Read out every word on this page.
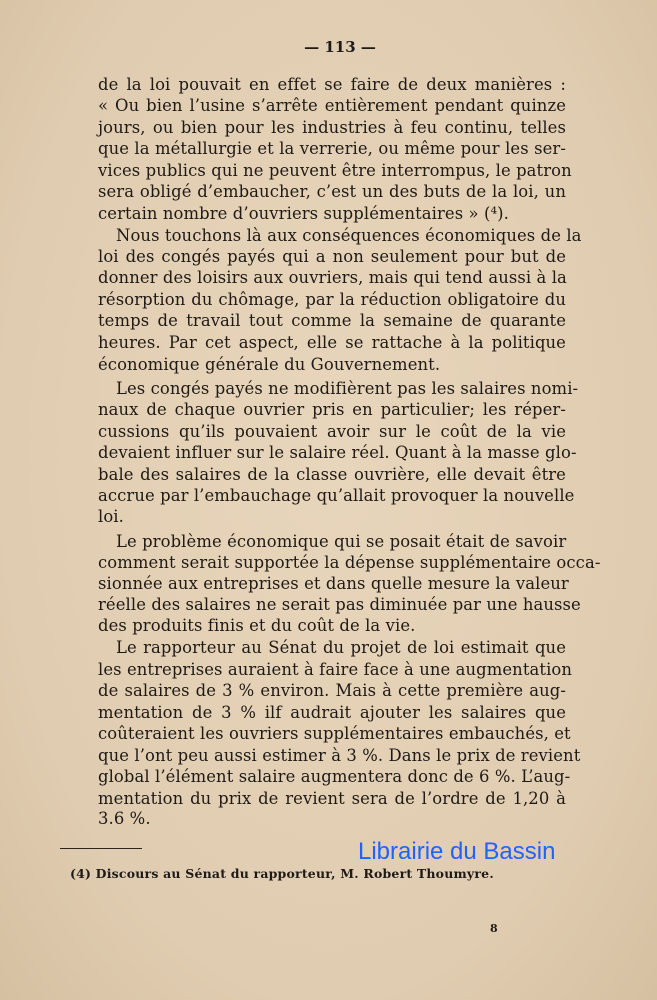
— 113 —
de la loi pouvait en effet se faire de deux manières :
« Ou bien l’usine s’arrête entièrement pendant quinze
jours, ou bien pour les industries à feu continu, telles
que la métallurgie et la verrerie, ou même pour les ser-
vices publics qui ne peuvent être interrompus, le patron
sera obligé d’embaucher, c’est un des buts de la loi, un
certain nombre d’ouvriers supplémentaires » (⁴).
Nous touchons là aux conséquences économiques de la
loi des congés payés qui a non seulement pour but de
donner des loisirs aux ouvriers, mais qui tend aussi à la
résorption du chômage, par la réduction obligatoire du
temps de travail tout comme la semaine de quarante
heures. Par cet aspect, elle se rattache à la politique
économique générale du Gouvernement.
Les congés payés ne modifièrent pas les salaires nomi-
naux de chaque ouvrier pris en particulier; les réper-
cussions qu’ils pouvaient avoir sur le coût de la vie
devaient influer sur le salaire réel. Quant à la masse glo-
bale des salaires de la classe ouvrière, elle devait être
accrue par l’embauchage qu’allait provoquer la nouvelle
loi.
Le problème économique qui se posait était de savoir
comment serait supportée la dépense supplémentaire occa-
sionnée aux entreprises et dans quelle mesure la valeur
réelle des salaires ne serait pas diminuée par une hausse
des produits finis et du coût de la vie.
Le rapporteur au Sénat du projet de loi estimait que
les entreprises auraient à faire face à une augmentation
de salaires de 3 % environ. Mais à cette première aug-
mentation de 3 % ilf audrait ajouter les salaires que
coûteraient les ouvriers supplémentaires embauchés, et
que l’ont peu aussi estimer à 3 %. Dans le prix de revient
global l’élément salaire augmentera donc de 6 %. L’aug-
mentation du prix de revient sera de l’ordre de 1,20 à
3.6 %.
(4) Discours au Sénat du rapporteur, M. Robert Thoumyre.
8
Librairie du Bassin
